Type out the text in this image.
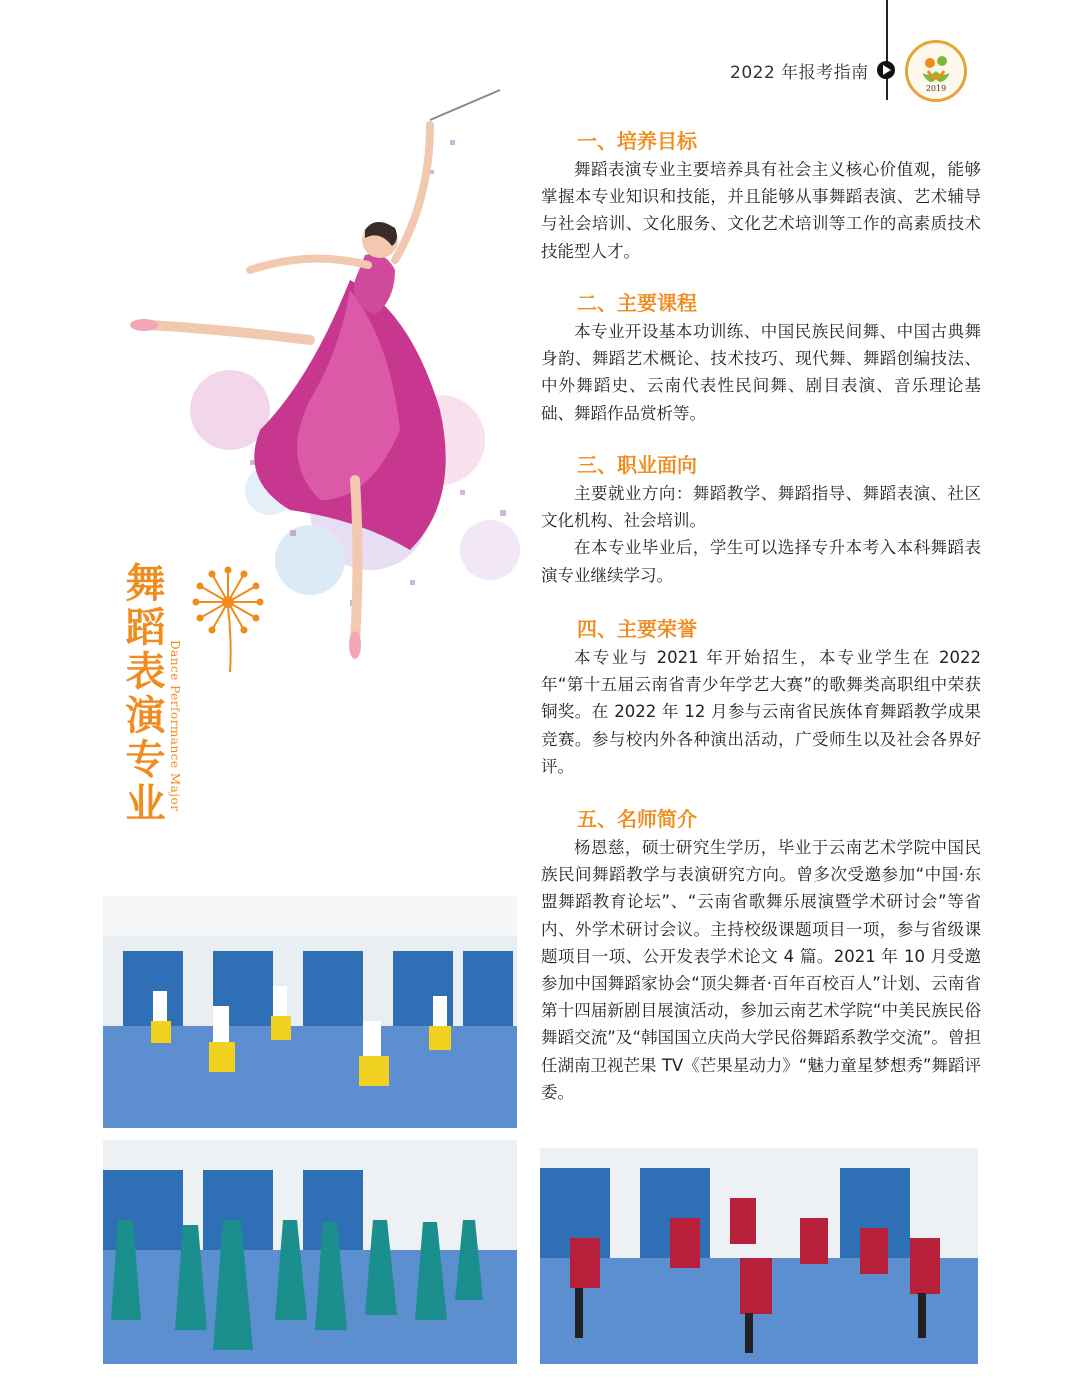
2022 年报考指南
2019
舞蹈表演专业 Dance Performance Major
一、培养目标

舞蹈表演专业主要培养具有社会主义核心价值观，能够掌握本专业知识和技能，并且能够从事舞蹈表演、艺术辅导与社会培训、文化服务、文化艺术培训等工作的高素质技术技能型人才。

二、主要课程

本专业开设基本功训练、中国民族民间舞、中国古典舞身韵、舞蹈艺术概论、技术技巧、现代舞、舞蹈创编技法、中外舞蹈史、云南代表性民间舞、剧目表演、音乐理论基础、舞蹈作品赏析等。

三、职业面向

主要就业方向：舞蹈教学、舞蹈指导、舞蹈表演、社区文化机构、社会培训。

在本专业毕业后，学生可以选择专升本考入本科舞蹈表演专业继续学习。

四、主要荣誉

本专业与 2021 年开始招生，本专业学生在 2022 年“第十五届云南省青少年学艺大赛”的歌舞类高职组中荣获铜奖。在 2022 年 12 月参与云南省民族体育舞蹈教学成果竞赛。参与校内外各种演出活动，广受师生以及社会各界好评。

五、名师简介

杨恩慈，硕士研究生学历，毕业于云南艺术学院中国民族民间舞蹈教学与表演研究方向。曾多次受邀参加“中国·东盟舞蹈教育论坛”、“云南省歌舞乐展演暨学术研讨会”等省内、外学术研讨会议。主持校级课题项目一项，参与省级课题项目一项、公开发表学术论文 4 篇。2021 年 10 月受邀参加中国舞蹈家协会“顶尖舞者·百年百校百人”计划、云南省第十四届新剧目展演活动，参加云南艺术学院“中美民族民俗舞蹈交流”及“韩国国立庆尚大学民俗舞蹈系教学交流”。曾担任湖南卫视芒果 TV《芒果星动力》“魅力童星梦想秀”舞蹈评委。
